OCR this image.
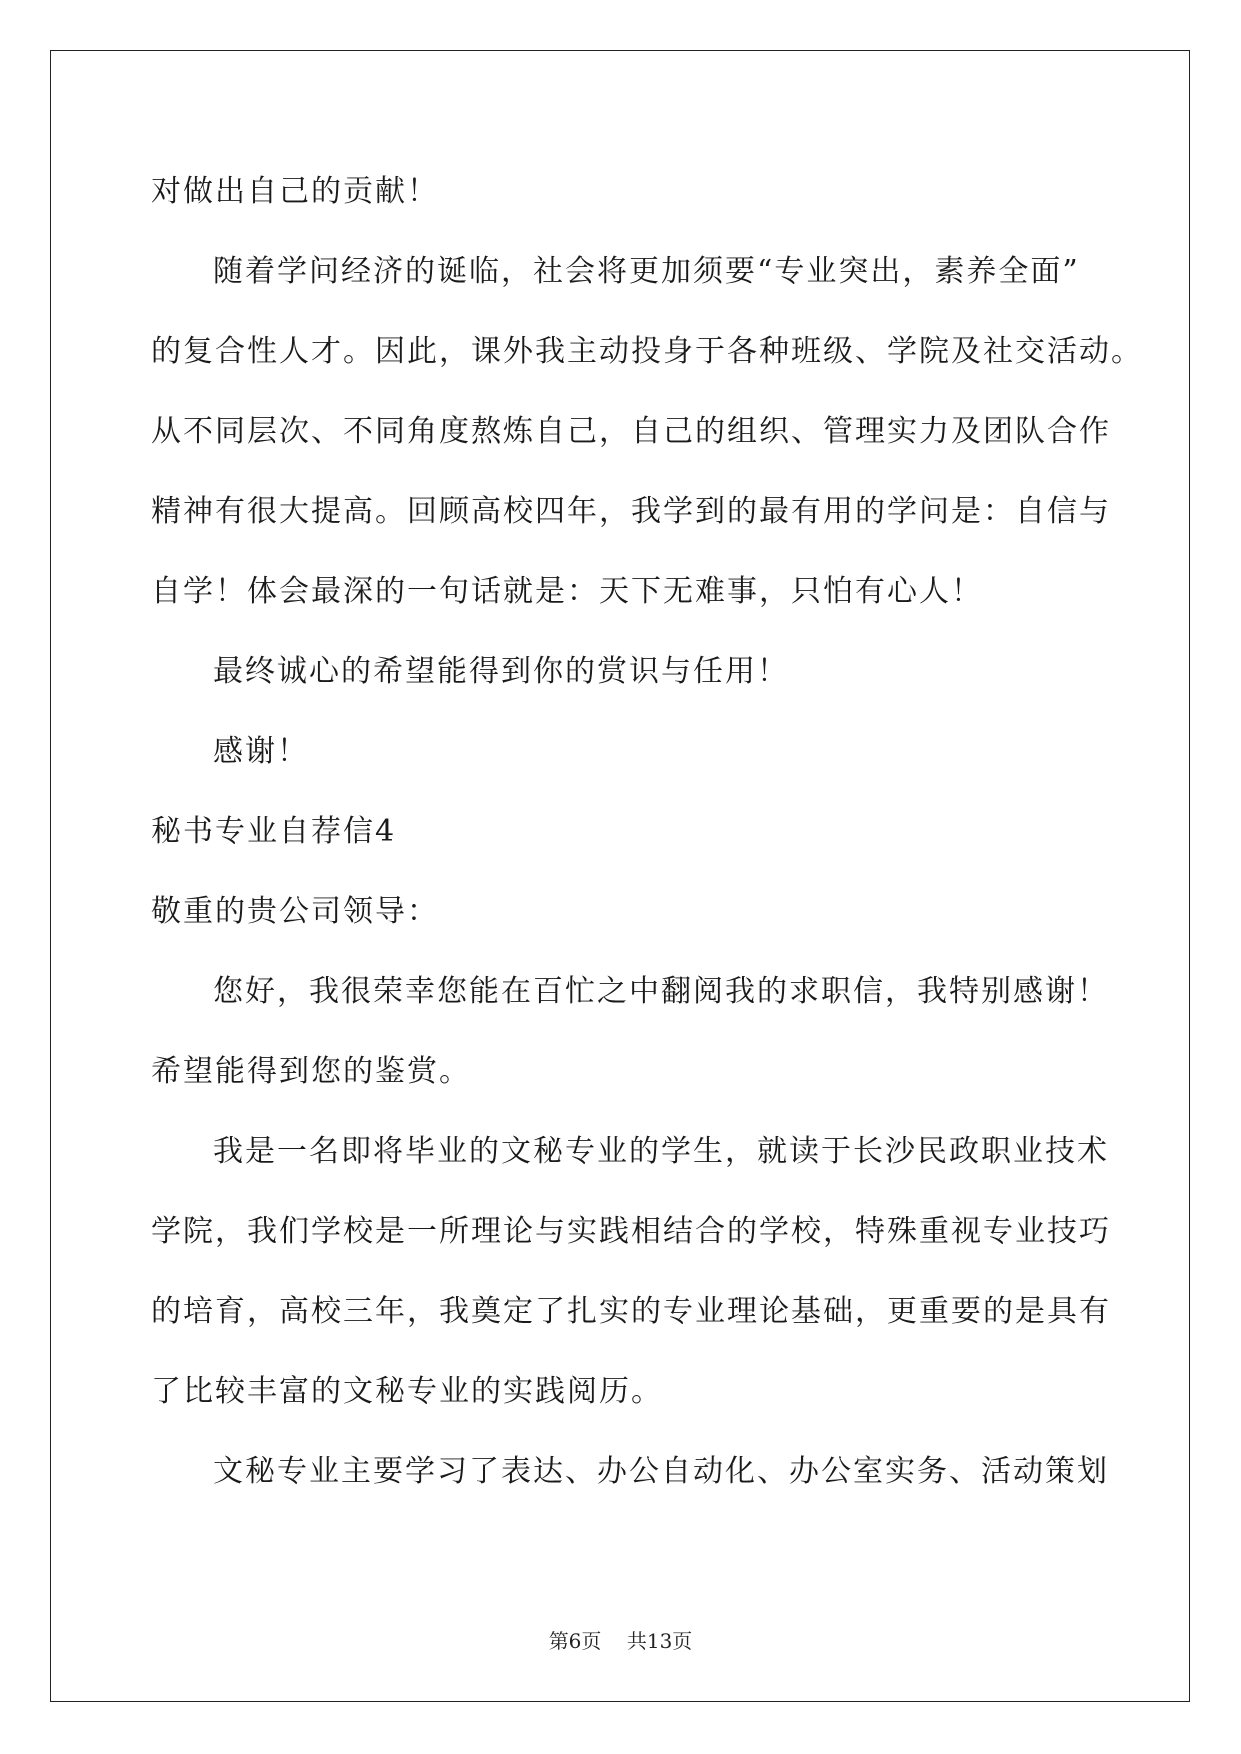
对做出自己的贡献！
随着学问经济的诞临，社会将更加须要“专业突出，素养全面”
的复合性人才。因此，课外我主动投身于各种班级、学院及社交活动。
从不同层次、不同角度熬炼自己，自己的组织、管理实力及团队合作
精神有很大提高。回顾高校四年，我学到的最有用的学问是：自信与
自学！体会最深的一句话就是：天下无难事，只怕有心人！
最终诚心的希望能得到你的赏识与任用！
感谢！
秘书专业自荐信4
敬重的贵公司领导：
您好，我很荣幸您能在百忙之中翻阅我的求职信，我特别感谢！
希望能得到您的鉴赏。
我是一名即将毕业的文秘专业的学生，就读于长沙民政职业技术
学院，我们学校是一所理论与实践相结合的学校，特殊重视专业技巧
的培育，高校三年，我奠定了扎实的专业理论基础，更重要的是具有
了比较丰富的文秘专业的实践阅历。
文秘专业主要学习了表达、办公自动化、办公室实务、活动策划
第6页 共13页
